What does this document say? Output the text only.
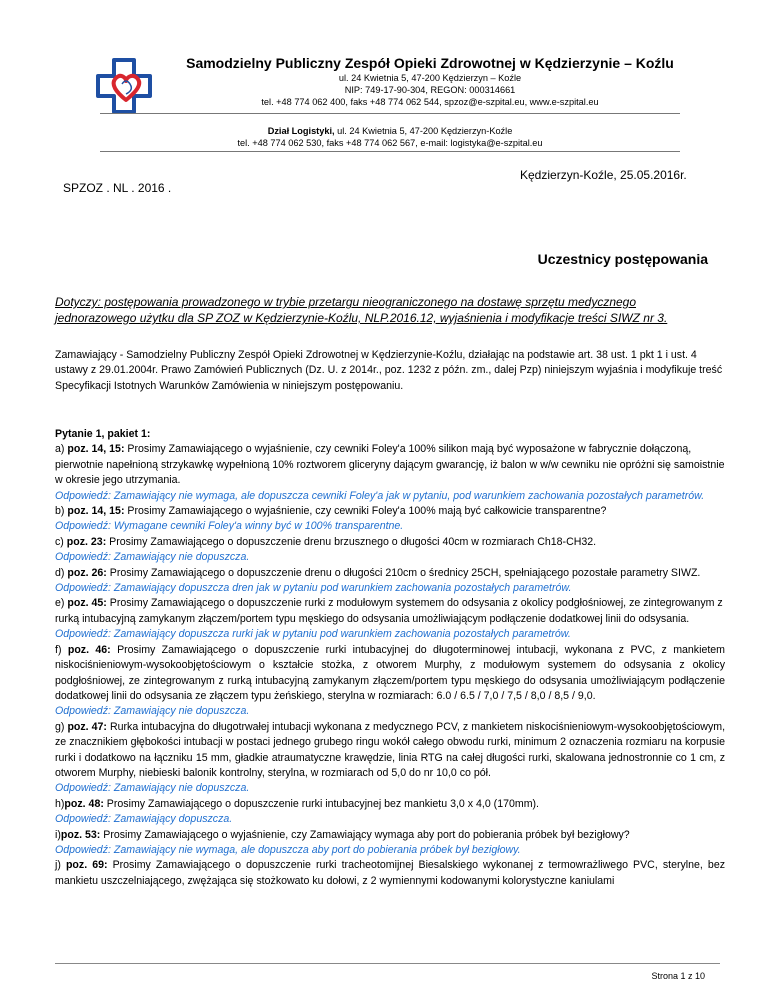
Samodzielny Publiczny Zespół Opieki Zdrowotnej w Kędzierzynie – Koźlu
ul. 24 Kwietnia 5, 47-200 Kędzierzyn – Koźle
NIP: 749-17-90-304, REGON: 000314661
tel. +48 774 062 400, faks +48 774 062 544, spzoz@e-szpital.eu, www.e-szpital.eu
Dział Logistyki, ul. 24 Kwietnia 5, 47-200 Kędzierzyn-Koźle
tel. +48 774 062 530, faks +48 774 062 567, e-mail: logistyka@e-szpital.eu
Kędzierzyn-Koźle, 25.05.2016r.
SPZOZ . NL . 2016 .
Uczestnicy postępowania
Dotyczy: postępowania prowadzonego w trybie przetargu nieograniczonego na dostawę sprzętu medycznego jednorazowego użytku dla SP ZOZ w Kędzierzynie-Koźlu, NLP.2016.12, wyjaśnienia i modyfikacje treści SIWZ nr 3.
Zamawiający - Samodzielny Publiczny Zespół Opieki Zdrowotnej w Kędzierzynie-Koźlu, działając na podstawie art. 38 ust. 1 pkt 1 i ust. 4 ustawy z 29.01.2004r. Prawo Zamówień Publicznych (Dz. U. z 2014r., poz. 1232 z późn. zm., dalej Pzp) niniejszym wyjaśnia i modyfikuje treść Specyfikacji Istotnych Warunków Zamówienia w niniejszym postępowaniu.

Pytanie 1, pakiet 1:

a) poz. 14, 15: Prosimy Zamawiającego o wyjaśnienie, czy cewniki Foley'a 100% silikon mają być wyposażone w fabrycznie dołączoną, pierwotnie napełnioną strzykawkę wypełnioną 10% roztworem gliceryny dającym gwarancję, iż balon w w/w cewniku nie opróżni się samoistnie w okresie jego utrzymania.

Odpowiedź: Zamawiający nie wymaga, ale dopuszcza cewniki Foley'a jak w pytaniu, pod warunkiem zachowania pozostałych parametrów.

b) poz. 14, 15: Prosimy Zamawiającego o wyjaśnienie, czy cewniki Foley'a 100% mają być całkowicie transparentne?

Odpowiedź: Wymagane cewniki Foley'a winny być w 100% transparentne.

c) poz. 23: Prosimy Zamawiającego o dopuszczenie drenu brzusznego o długości 40cm w rozmiarach Ch18-CH32.

Odpowiedź: Zamawiający nie dopuszcza.

d) poz. 26: Prosimy Zamawiającego o dopuszczenie drenu o długości 210cm o średnicy 25CH, spełniającego pozostałe parametry SIWZ.

Odpowiedź: Zamawiający dopuszcza dren jak w pytaniu pod warunkiem zachowania pozostałych parametrów.

e) poz. 45: Prosimy Zamawiającego o dopuszczenie rurki z modułowym systemem do odsysania z okolicy podgłośniowej, ze zintegrowanym z rurką intubacyjną zamykanym złączem/portem typu męskiego do odsysania umożliwiającym podłączenie dodatkowej linii do odsysania.

Odpowiedź: Zamawiający dopuszcza rurki jak w pytaniu pod warunkiem zachowania pozostałych parametrów.

f) poz. 46: Prosimy Zamawiającego o dopuszczenie rurki intubacyjnej do długoterminowej intubacji, wykonana z PVC, z mankietem niskociśnieniowym-wysokoobjętościowym o kształcie stożka, z otworem Murphy, z modułowym systemem do odsysania z okolicy podgłośniowej, ze zintegrowanym z rurką intubacyjną zamykanym złączem/portem typu męskiego do odsysania umożliwiającym podłączenie dodatkowej linii do odsysania ze złączem typu żeńskiego, sterylna w rozmiarach: 6.0 / 6.5 / 7,0 / 7,5 / 8,0 / 8,5 / 9,0.

Odpowiedź: Zamawiający nie dopuszcza.

g) poz. 47: Rurka intubacyjna do długotrwałej intubacji wykonana z medycznego PCV, z mankietem niskociśnieniowym-wysokoobjętościowym, ze znacznikiem głębokości intubacji w postaci jednego grubego ringu wokół całego obwodu rurki, minimum 2 oznaczenia rozmiaru na korpusie rurki i dodatkowo na łączniku 15 mm, gładkie atraumatyczne krawędzie, linia RTG na całej długości rurki, skalowana jednostronnie co 1 cm, z otworem Murphy, niebieski balonik kontrolny, sterylna, w rozmiarach od 5,0 do nr 10,0 co pół.

Odpowiedź: Zamawiający nie dopuszcza.

h)poz. 48: Prosimy Zamawiającego o dopuszczenie rurki intubacyjnej bez mankietu 3,0 x 4,0 (170mm).

Odpowiedź: Zamawiający dopuszcza.

i)poz. 53: Prosimy Zamawiającego o wyjaśnienie, czy Zamawiający wymaga aby port do pobierania próbek był bezigłowy?

Odpowiedź: Zamawiający nie wymaga, ale dopuszcza aby port do pobierania próbek był bezigłowy.

j) poz. 69: Prosimy Zamawiającego o dopuszczenie rurki tracheotomijnej Biesalskiego wykonanej z termowrażliwego PVC, sterylne, bez mankietu uszczelniającego, zwężająca się stożkowato ku dołowi, z 2 wymiennymi kodowanymi kolorystyczne kaniulami

Strona 1 z 10
